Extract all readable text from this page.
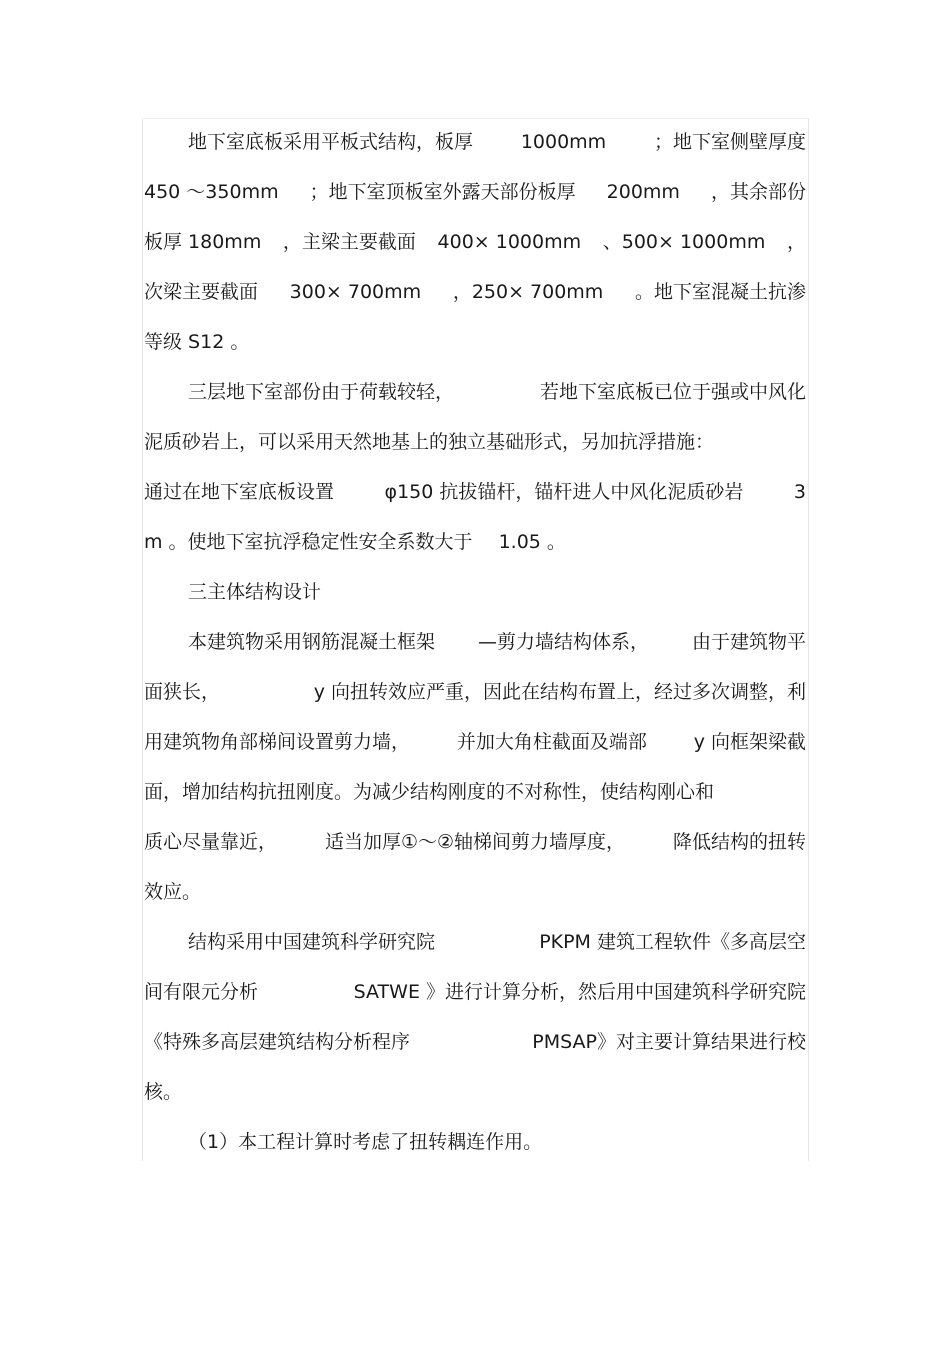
地下室底板采用平板式结构，板厚	1000mm	；地下室侧壁厚度
450 ～350mm ；地下室顶板室外露天部份板厚 200mm ，其余部份
板厚 180mm ，主梁主要截面 400× 1000mm 、500× 1000mm ，
次梁主要截面 300× 700mm ，250× 700mm 。地下室混凝土抗渗
等级 S12 。
三层地下室部份由于荷载较轻，	若地下室底板已位于强或中风化
泥质砂岩上，可以采用天然地基上的独立基础形式，另加抗浮措施：
通过在地下室底板设置	φ150 抗拔锚杆，锚杆进人中风化泥质砂岩	3
m 。使地下室抗浮稳定性安全系数大于 1.05 。
三主体结构设计
本建筑物采用钢筋混凝土框架 —剪力墙结构体系， 由于建筑物平
面狭长，	y 向扭转效应严重，因此在结构布置上，经过多次调整，利
用建筑物角部梯间设置剪力墙， 并加大角柱截面及端部 y 向框架梁截
面，增加结构抗扭刚度。为减少结构刚度的不对称性，使结构刚心和
质心尽量靠近，	适当加厚①～②轴梯间剪力墙厚度，	降低结构的扭转
效应。
结构采用中国建筑科学研究院	PKPM 建筑工程软件《多高层空
间有限元分析	SATWE 》进行计算分析，然后用中国建筑科学研究院
《特殊多高层建筑结构分析程序	PMSAP》对主要计算结果进行校
核。
（1）本工程计算时考虑了扭转耦连作用。
